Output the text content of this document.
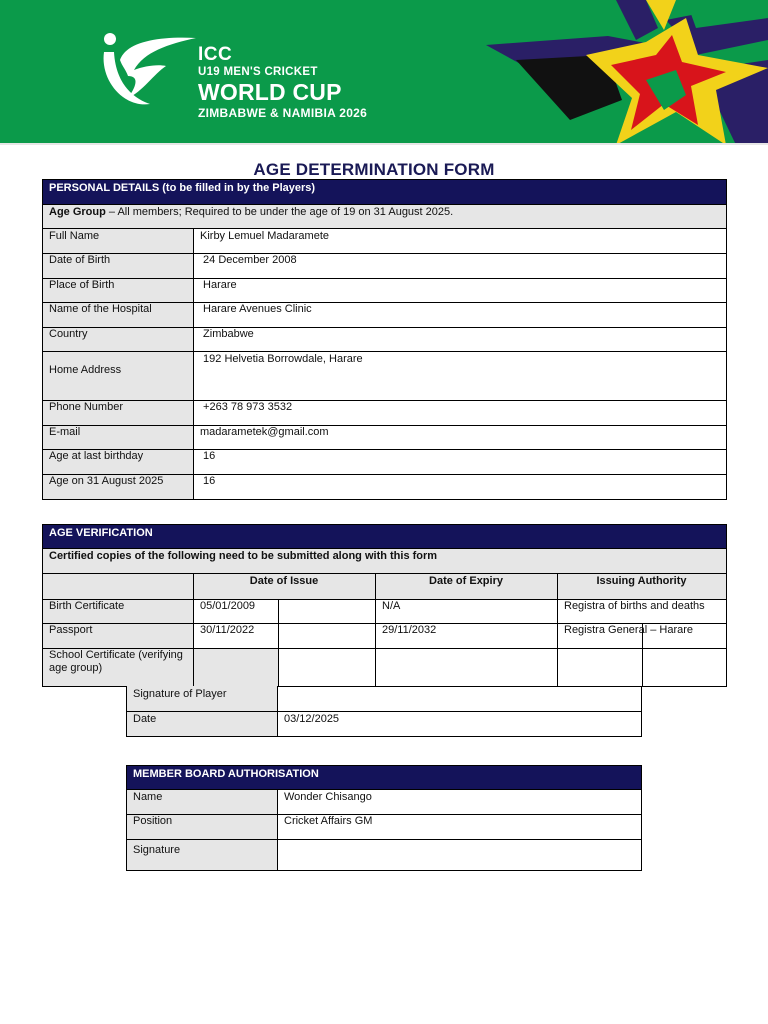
ICC
U19 MEN'S CRICKET
WORLD CUP
ZIMBABWE & NAMIBIA 2026
AGE DETERMINATION FORM
PERSONAL DETAILS (to be filled in by the Players)
Age Group – All members; Required to be under the age of 19 on 31 August 2025.
Full Name	Kirby Lemuel Madaramete
Date of Birth	24 December 2008
Place of Birth	Harare
Name of the Hospital	Harare Avenues Clinic
Country	Zimbabwe
Home Address
192 Helvetia Borrowdale, Harare
Phone Number	+263 78 973 3532
E-mail	madarametek@gmail.com
Age at last birthday	16
Age on 31 August 2025	16
AGE VERIFICATION
Certified copies of the following need to be submitted along with this form
Date of Issue	Date of Expiry	Issuing Authority
Birth Certificate	05/01/2009	N/A	Registra of births and deaths
Passport	30/11/2022	29/11/2032	Registra General – Harare
School Certificate (verifying age group)
Signature of Player
Date	03/12/2025
MEMBER BOARD AUTHORISATION
Name	Wonder Chisango
Position	Cricket Affairs GM
Signature
